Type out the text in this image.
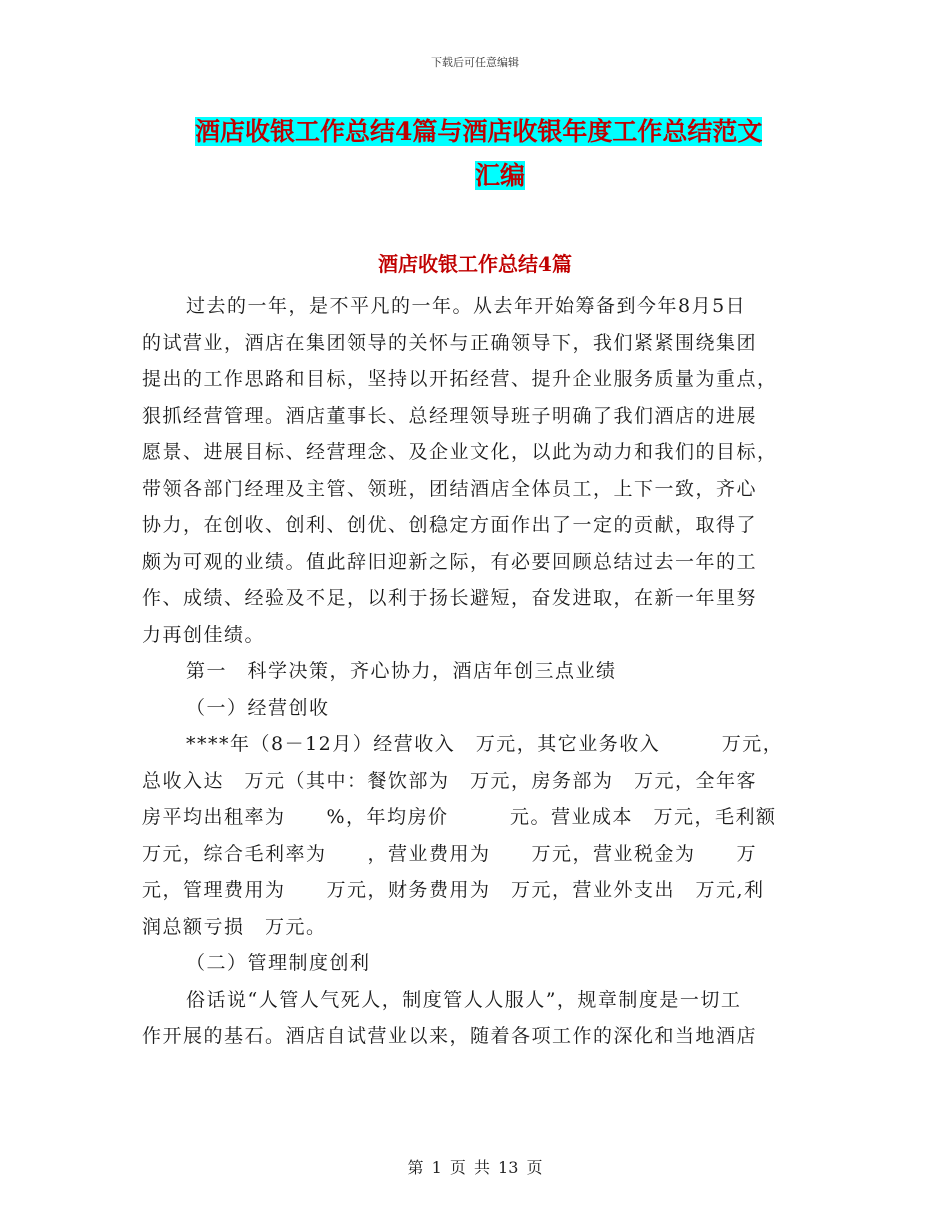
下载后可任意编辑
酒店收银工作总结4篇与酒店收银年度工作总结范文
汇编
酒店收银工作总结4篇
过去的一年，是不平凡的一年。从去年开始筹备到今年8月5日
的试营业，酒店在集团领导的关怀与正确领导下，我们紧紧围绕集团
提出的工作思路和目标，坚持以开拓经营、提升企业服务质量为重点，
狠抓经营管理。酒店董事长、总经理领导班子明确了我们酒店的进展
愿景、进展目标、经营理念、及企业文化，以此为动力和我们的目标，
带领各部门经理及主管、领班，团结酒店全体员工，上下一致，齐心
协力，在创收、创利、创优、创稳定方面作出了一定的贡献，取得了
颇为可观的业绩。值此辞旧迎新之际，有必要回顾总结过去一年的工
作、成绩、经验及不足，以利于扬长避短，奋发进取，在新一年里努
力再创佳绩。
第一　科学决策，齐心协力，酒店年创三点业绩
（一）经营创收
****年（8－12月）经营收入　万元，其它业务收入　　　万元，
总收入达　万元（其中：餐饮部为　万元，房务部为　万元，全年客
房平均出租率为　　%，年均房价　　　元。营业成本　万元，毛利额
万元，综合毛利率为　　，营业费用为　　万元，营业税金为　　万
元，管理费用为　　万元，财务费用为　万元，营业外支出　万元,利
润总额亏损　万元。
（二）管理制度创利
俗话说“人管人气死人，制度管人人服人”，规章制度是一切工
作开展的基石。酒店自试营业以来，随着各项工作的深化和当地酒店
第 1 页 共 13 页
